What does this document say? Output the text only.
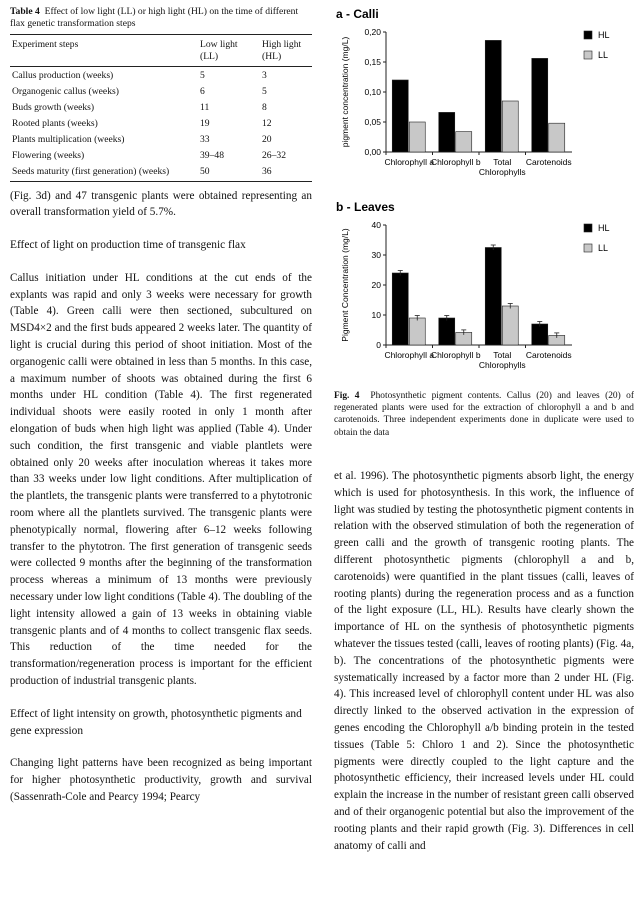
Table 4 Effect of low light (LL) or high light (HL) on the time of different flax genetic transformation steps

Experiment steps	Low light (LL)	High light (HL)
Callus production (weeks)	5	3
Organogenic callus (weeks)	6	5
Buds growth (weeks)	11	8
Rooted plants (weeks)	19	12
Plants multiplication (weeks)	33	20
Flowering (weeks)	39–48	26–32
Seeds maturity (first generation) (weeks)	50	36

(Fig. 3d) and 47 transgenic plants were obtained representing an overall transformation yield of 5.7%.

Effect of light on production time of transgenic flax

Callus initiation under HL conditions at the cut ends of the explants was rapid and only 3 weeks were necessary for growth (Table 4). Green calli were then sectioned, subcultured on MSD4×2 and the first buds appeared 2 weeks later. The quantity of light is crucial during this period of shoot initiation. Most of the organogenic calli were obtained in less than 5 months. In this case, a maximum number of shoots was obtained during the first 6 months under HL condition (Table 4). The first regenerated individual shoots were easily rooted in only 1 month after elongation of buds when high light was applied (Table 4). Under such condition, the first transgenic and viable plantlets were obtained only 20 weeks after inoculation whereas it takes more than 33 weeks under low light conditions. After multiplication of the plantlets, the transgenic plants were transferred to a phytotronic room where all the plantlets survived. The transgenic plants were phenotypically normal, flowering after 6–12 weeks following transfer to the phytotron. The first generation of transgenic seeds were collected 9 months after the beginning of the transformation process whereas a minimum of 13 months were previously necessary under low light conditions (Table 4). The doubling of the light intensity allowed a gain of 13 weeks in obtaining viable transgenic plants and of 4 months to collect transgenic flax seeds. This reduction of the time needed for the transformation/regeneration process is important for the efficient production of industrial transgenic plants.

Effect of light intensity on growth, photosynthetic pigments and gene expression

Changing light patterns have been recognized as being important for higher photosynthetic productivity, growth and survival (Sassenrath-Cole and Pearcy 1994; Pearcy

a - Calli
pigment concentration (mg/L)
0,00
0,05
0,10
0,15
0,20
Chlorophyll a
Chlorophyll b Total
Chlorophylls
Carotenoids
HL
LL
b - Leaves
Pigment Concentration (mg/L)
0
10
20
30
40
Chlorophyll a
Chlorophyll b Total
Chlorophylls
Carotenoids
HL
LL

Fig. 4 Photosynthetic pigment contents. Callus (20) and leaves (20) of regenerated plants were used for the extraction of chlorophyll a and b and carotenoids. Three independent experiments done in duplicate were used to obtain the data

et al. 1996). The photosynthetic pigments absorb light, the energy which is used for photosynthesis. In this work, the influence of light was studied by testing the photosynthetic pigment contents in relation with the observed stimulation of both the regeneration of green calli and the growth of transgenic rooting plants. The different photosynthetic pigments (chlorophyll a and b, carotenoids) were quantified in the plant tissues (calli, leaves of rooting plants) during the regeneration process and as a function of the light exposure (LL, HL). Results have clearly shown the importance of HL on the synthesis of photosynthetic pigments whatever the tissues tested (calli, leaves of rooting plants) (Fig. 4a, b). The concentrations of the photosynthetic pigments were systematically increased by a factor more than 2 under HL (Fig. 4). This increased level of chlorophyll content under HL was also directly linked to the observed activation in the expression of genes encoding the Chlorophyll a/b binding protein in the tested tissues (Table 5: Chloro 1 and 2). Since the photosynthetic pigments were directly coupled to the light capture and the photosynthetic efficiency, their increased levels under HL could explain the increase in the number of resistant green calli observed and of their organogenic potential but also the improvement of the rooting plants and their rapid growth (Fig. 3). Differences in cell anatomy of calli and
